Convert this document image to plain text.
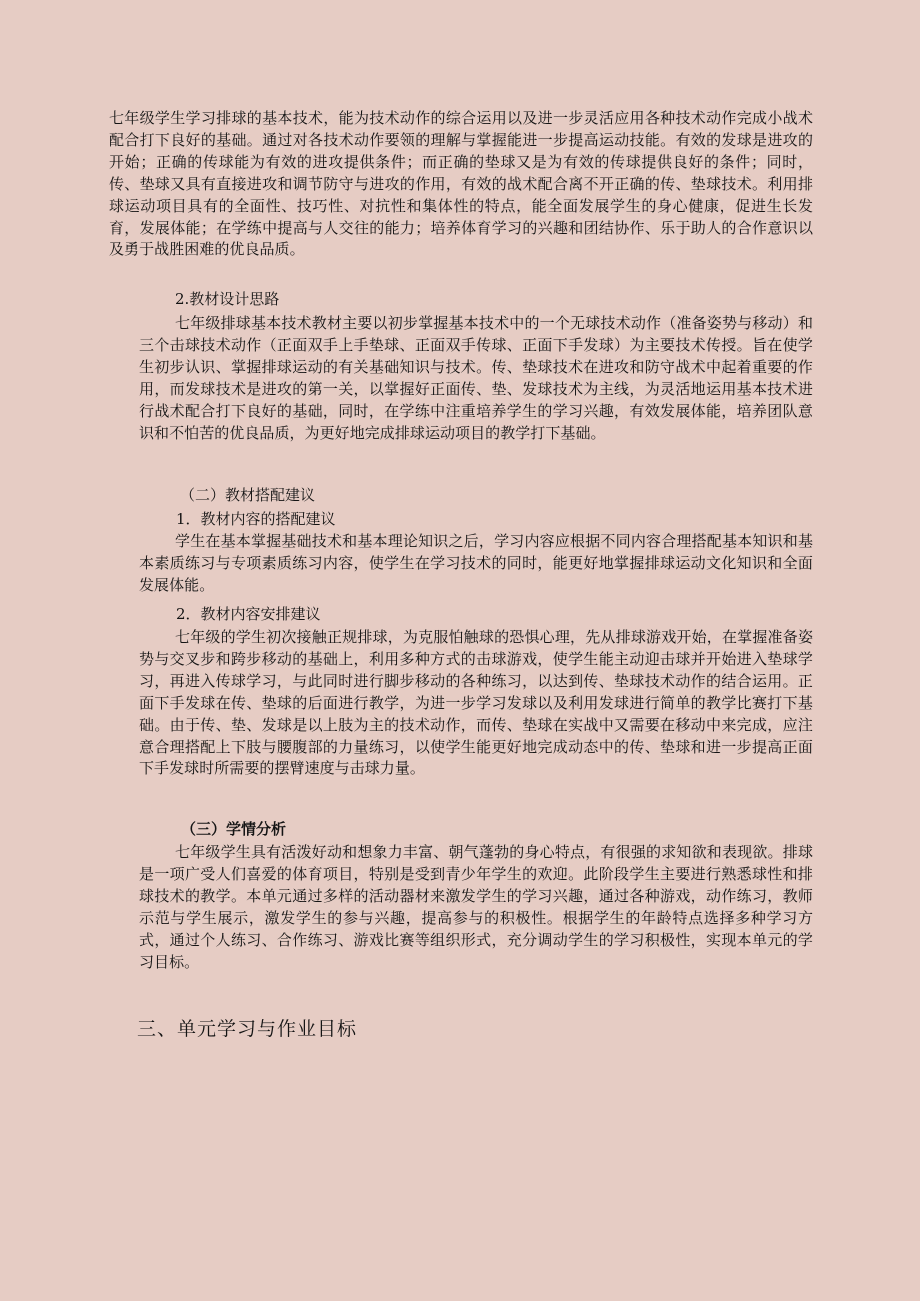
七年级学生学习排球的基本技术，能为技术动作的综合运用以及进一步灵活应用各种技术动作完成小战术配合打下良好的基础。通过对各技术动作要领的理解与掌握能进一步提高运动技能。有效的发球是进攻的开始；正确的传球能为有效的进攻提供条件；而正确的垫球又是为有效的传球提供良好的条件；同时，传、垫球又具有直接进攻和调节防守与进攻的作用，有效的战术配合离不开正确的传、垫球技术。利用排球运动项目具有的全面性、技巧性、对抗性和集体性的特点，能全面发展学生的身心健康，促进生长发育，发展体能；在学练中提高与人交往的能力；培养体育学习的兴趣和团结协作、乐于助人的合作意识以及勇于战胜困难的优良品质。
2.教材设计思路
七年级排球基本技术教材主要以初步掌握基本技术中的一个无球技术动作（准备姿势与移动）和三个击球技术动作（正面双手上手垫球、正面双手传球、正面下手发球）为主要技术传授。旨在使学生初步认识、掌握排球运动的有关基础知识与技术。传、垫球技术在进攻和防守战术中起着重要的作用，而发球技术是进攻的第一关，以掌握好正面传、垫、发球技术为主线，为灵活地运用基本技术进行战术配合打下良好的基础，同时，在学练中注重培养学生的学习兴趣，有效发展体能，培养团队意识和不怕苦的优良品质，为更好地完成排球运动项目的教学打下基础。
（二）教材搭配建议
1．教材内容的搭配建议
学生在基本掌握基础技术和基本理论知识之后，学习内容应根据不同内容合理搭配基本知识和基本素质练习与专项素质练习内容，使学生在学习技术的同时，能更好地掌握排球运动文化知识和全面发展体能。
2．教材内容安排建议
七年级的学生初次接触正规排球，为克服怕触球的恐惧心理，先从排球游戏开始，在掌握准备姿势与交叉步和跨步移动的基础上，利用多种方式的击球游戏，使学生能主动迎击球并开始进入垫球学习，再进入传球学习，与此同时进行脚步移动的各种练习，以达到传、垫球技术动作的结合运用。正面下手发球在传、垫球的后面进行教学，为进一步学习发球以及利用发球进行简单的教学比赛打下基础。由于传、垫、发球是以上肢为主的技术动作，而传、垫球在实战中又需要在移动中来完成，应注意合理搭配上下肢与腰腹部的力量练习，以使学生能更好地完成动态中的传、垫球和进一步提高正面下手发球时所需要的摆臂速度与击球力量。
（三）学情分析
七年级学生具有活泼好动和想象力丰富、朝气蓬勃的身心特点，有很强的求知欲和表现欲。排球是一项广受人们喜爱的体育项目，特别是受到青少年学生的欢迎。此阶段学生主要进行熟悉球性和排球技术的教学。本单元通过多样的活动器材来激发学生的学习兴趣，通过各种游戏，动作练习，教师示范与学生展示，激发学生的参与兴趣，提高参与的积极性。根据学生的年龄特点选择多种学习方式，通过个人练习、合作练习、游戏比赛等组织形式，充分调动学生的学习积极性，实现本单元的学习目标。
三、单元学习与作业目标
